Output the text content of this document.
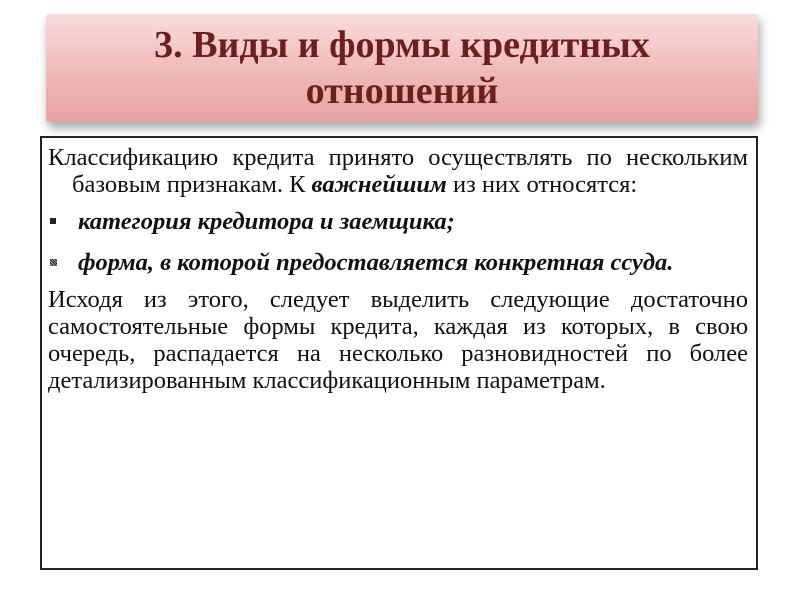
3. Виды и формы кредитных отношений

Классификацию кредита принято осуществлять по нескольким базовым признакам. К важнейшим из них относятся:

категория кредитора и заемщика;

форма, в которой предоставляется конкретная ссуда.

Исходя из этого, следует выделить следующие достаточно самостоятельные формы кредита, каждая из которых, в свою очередь, распадается на несколько разновидностей по более детализированным классификационным параметрам.
